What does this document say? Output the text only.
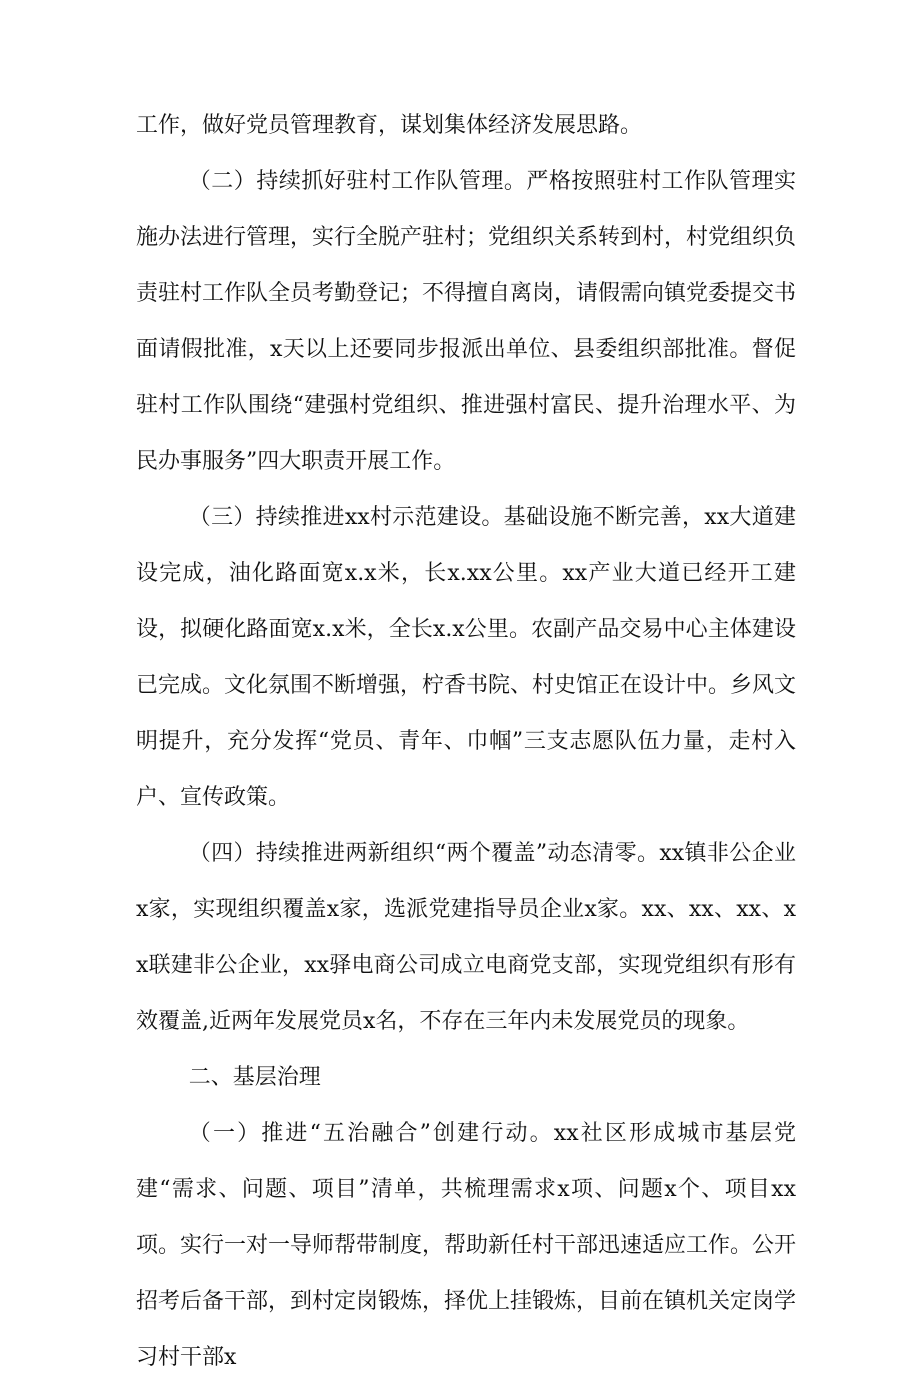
工作，做好党员管理教育，谋划集体经济发展思路。

（二）持续抓好驻村工作队管理。严格按照驻村工作队管理实施办法进行管理，实行全脱产驻村；党组织关系转到村，村党组织负责驻村工作队全员考勤登记；不得擅自离岗，请假需向镇党委提交书面请假批准，x天以上还要同步报派出单位、县委组织部批准。督促驻村工作队围绕“建强村党组织、推进强村富民、提升治理水平、为民办事服务”四大职责开展工作。

（三）持续推进xx村示范建设。基础设施不断完善，xx大道建设完成，油化路面宽x.x米，长x.xx公里。xx产业大道已经开工建设，拟硬化路面宽x.x米，全长x.x公里。农副产品交易中心主体建设已完成。文化氛围不断增强，柠香书院、村史馆正在设计中。乡风文明提升，充分发挥“党员、青年、巾帼”三支志愿队伍力量，走村入户、宣传政策。

（四）持续推进两新组织“两个覆盖”动态清零。xx镇非公企业x家，实现组织覆盖x家，选派党建指导员企业x家。xx、xx、xx、xx联建非公企业，xx驿电商公司成立电商党支部，实现党组织有形有效覆盖,近两年发展党员x名，不存在三年内未发展党员的现象。

二、基层治理

（一）推进“五治融合”创建行动。xx社区形成城市基层党建“需求、问题、项目”清单，共梳理需求x项、问题x个、项目xx项。实行一对一导师帮带制度，帮助新任村干部迅速适应工作。公开招考后备干部，到村定岗锻炼，择优上挂锻炼，目前在镇机关定岗学习村干部x
